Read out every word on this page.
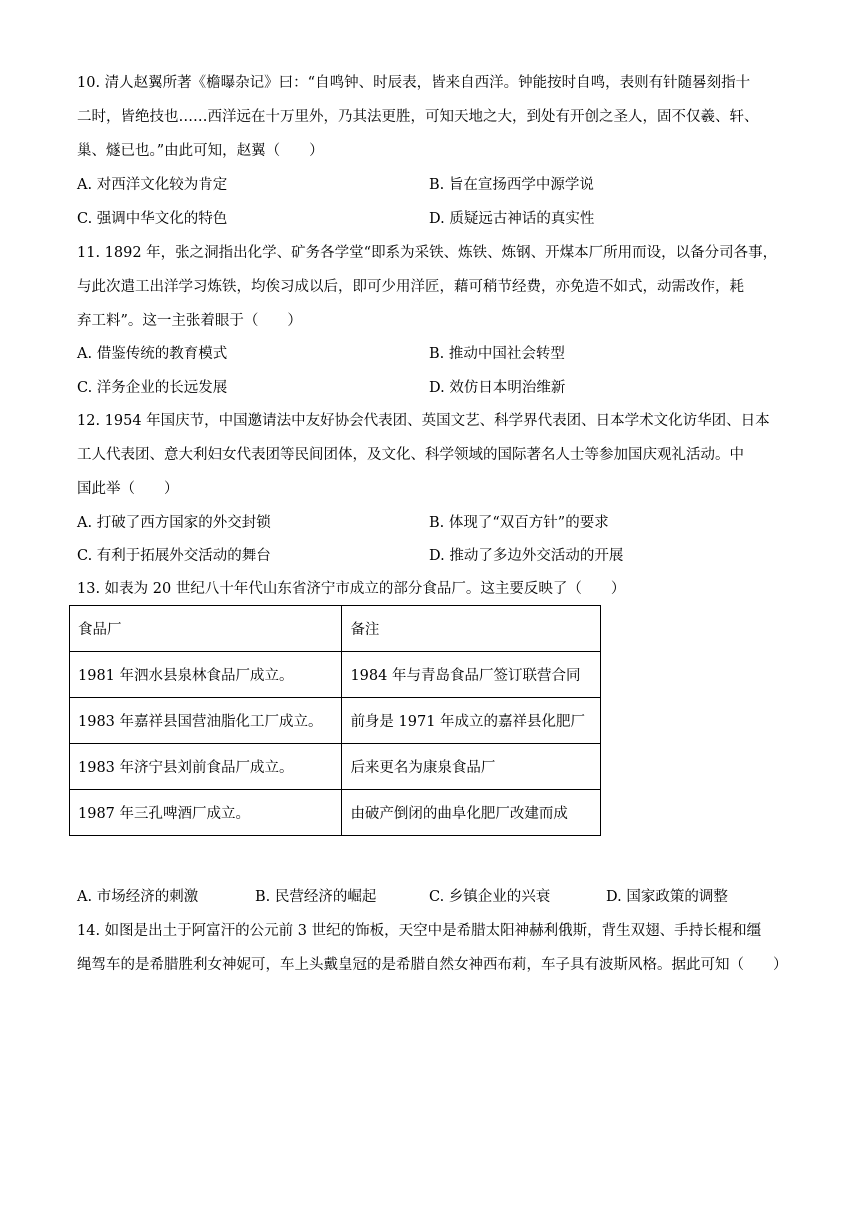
10. 清人赵翼所著《檐曝杂记》曰：“自鸣钟、时辰表，皆来自西洋。钟能按时自鸣，表则有针随晷刻指十
二时，皆绝技也……西洋远在十万里外，乃其法更胜，可知天地之大，到处有开创之圣人，固不仅羲、轩、
巢、燧已也。”由此可知，赵翼（　　）
A. 对西洋文化较为肯定	B. 旨在宣扬西学中源学说
C. 强调中华文化的特色	D. 质疑远古神话的真实性
11. 1892 年，张之洞指出化学、矿务各学堂“即系为采铁、炼铁、炼钢、开煤本厂所用而设，以备分司各事，
与此次遣工出洋学习炼铁，均俟习成以后，即可少用洋匠，藉可稍节经费，亦免造不如式，动需改作，耗
弃工料”。这一主张着眼于（　　）
A. 借鉴传统的教育模式	B. 推动中国社会转型
C. 洋务企业的长远发展	D. 效仿日本明治维新
12. 1954 年国庆节，中国邀请法中友好协会代表团、英国文艺、科学界代表团、日本学术文化访华团、日本
工人代表团、意大利妇女代表团等民间团体，及文化、科学领域的国际著名人士等参加国庆观礼活动。中
国此举（　　）
A. 打破了西方国家的外交封锁	B. 体现了“双百方针”的要求
C. 有利于拓展外交活动的舞台	D. 推动了多边外交活动的开展
13. 如表为 20 世纪八十年代山东省济宁市成立的部分食品厂。这主要反映了（　　）
食品厂	备注
1981 年泗水县泉林食品厂成立。	1984 年与青岛食品厂签订联营合同
1983 年嘉祥县国营油脂化工厂成立。	前身是 1971 年成立的嘉祥县化肥厂
1983 年济宁县刘前食品厂成立。	后来更名为康泉食品厂
1987 年三孔啤酒厂成立。	由破产倒闭的曲阜化肥厂改建而成
A. 市场经济的刺激	B. 民营经济的崛起	C. 乡镇企业的兴衰	D. 国家政策的调整
14. 如图是出土于阿富汗的公元前 3 世纪的饰板，天空中是希腊太阳神赫利俄斯，背生双翅、手持长棍和缰
绳驾车的是希腊胜利女神妮可，车上头戴皇冠的是希腊自然女神西布莉，车子具有波斯风格。据此可知（　　）
